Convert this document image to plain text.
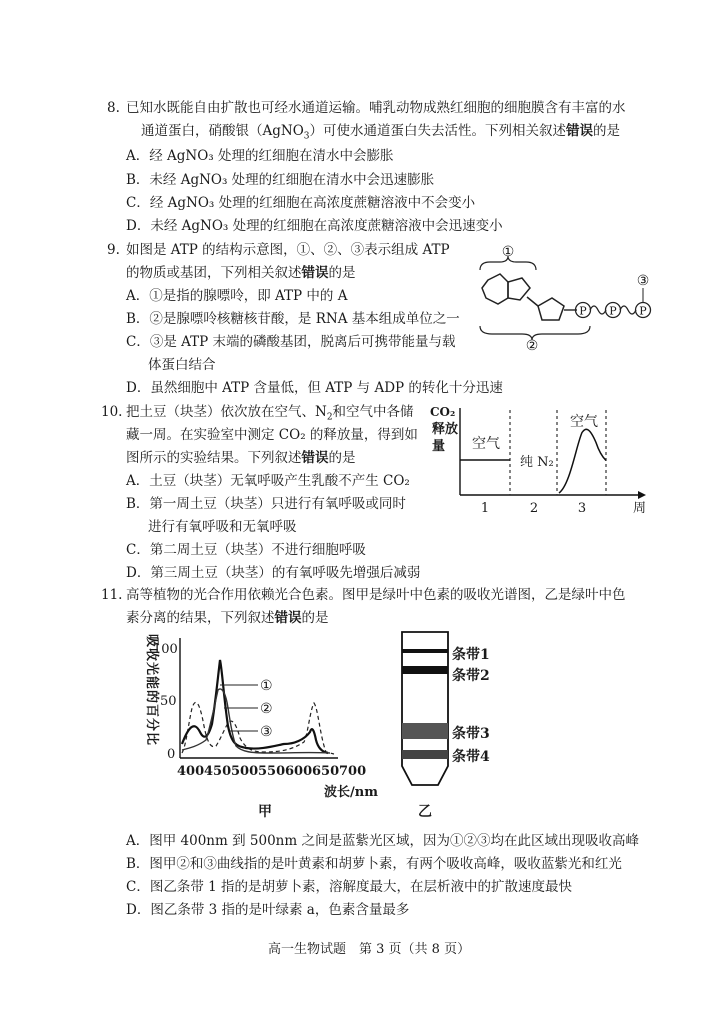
8. 已知水既能自由扩散也可经水通道运输。哺乳动物成熟红细胞的细胞膜含有丰富的水
通道蛋白，硝酸银（AgNO$_3$）可使水通道蛋白失去活性。下列相关叙述错误的是
A．经 AgNO₃ 处理的红细胞在清水中会膨胀
B．未经 AgNO₃ 处理的红细胞在清水中会迅速膨胀
C．经 AgNO₃ 处理的红细胞在高浓度蔗糖溶液中不会变小
D．未经 AgNO₃ 处理的红细胞在高浓度蔗糖溶液中会迅速变小
9. 如图是 ATP 的结构示意图，①、②、③表示组成 ATP
的物质或基团，下列相关叙述错误的是
A．①是指的腺嘌呤，即 ATP 中的 A
B．②是腺嘌呤核糖核苷酸，是 RNA 基本组成单位之一
C．③是 ATP 末端的磷酸基团，脱离后可携带能量与载
体蛋白结合
D．虽然细胞中 ATP 含量低，但 ATP 与 ADP 的转化十分迅速
①
P P P
③
②
10. 把土豆（块茎）依次放在空气、$N_2$和空气中各储
藏一周。在实验室中测定 CO₂ 的释放量，得到如
图所示的实验结果。下列叙述错误的是
A．土豆（块茎）无氧呼吸产生乳酸不产生 CO₂
B．第一周土豆（块茎）只进行有氧呼吸或同时
进行有氧呼吸和无氧呼吸
C．第二周土豆（块茎）不进行细胞呼吸
D．第三周土豆（块茎）的有氧呼吸先增强后减弱
CO₂
释放
量 空气
纯 N₂
空气
1	2	3	周
11. 高等植物的光合作用依赖光合色素。图甲是绿叶中色素的吸收光谱图，乙是绿叶中色
素分离的结果，下列叙述错误的是
吸收光能的百分比
100
50
0
①
②
③
400 450 500 550 600 650 700
波长/nm
甲
条带1
条带2
条带3
条带4
乙
A．图甲 400nm 到 500nm 之间是蓝紫光区域，因为①②③均在此区域出现吸收高峰
B．图甲②和③曲线指的是叶黄素和胡萝卜素，有两个吸收高峰，吸收蓝紫光和红光
C．图乙条带 1 指的是胡萝卜素，溶解度最大，在层析液中的扩散速度最快
D．图乙条带 3 指的是叶绿素 a，色素含量最多
高一生物试题　第 3 页（共 8 页）
